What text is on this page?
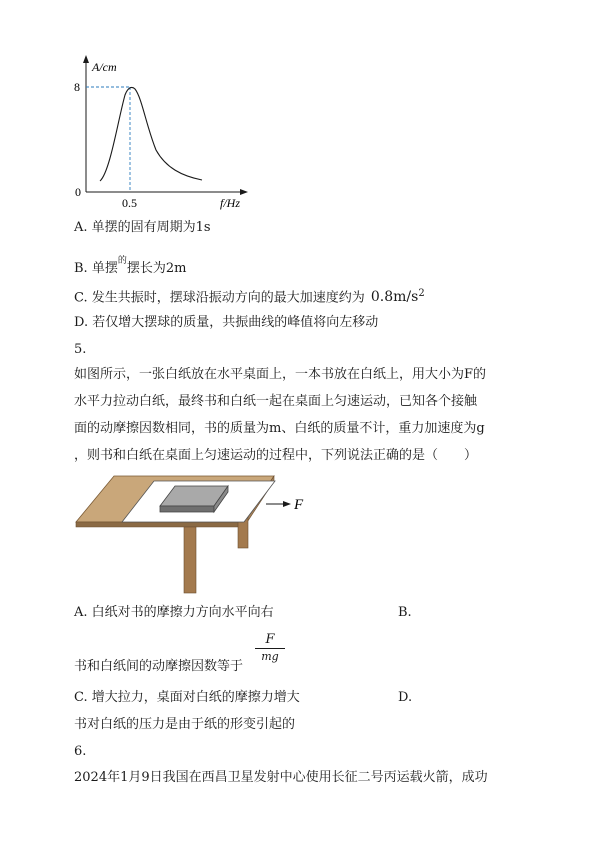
A/cm
8
0
0.5	f/Hz
A. 单摆的固有周期为1s
B. 单摆$^的$摆长为2m
C. 发生共振时，摆球沿振动方向的最大加速度约为 $0.8m/s^2$
D. 若仅增大摆球的质量，共振曲线的峰值将向左移动
5.
如图所示，一张白纸放在水平桌面上，一本书放在白纸上，用大小为F的
水平力拉动白纸，最终书和白纸一起在桌面上匀速运动，已知各个接触
面的动摩擦因数相同，书的质量为m、白纸的质量不计，重力加速度为g
，则书和白纸在桌面上匀速运动的过程中，下列说法正确的是（　　）
F
A. 白纸对书的摩擦力方向水平向右	B.
书和白纸间的动摩擦因数等于
F
mg
C. 增大拉力，桌面对白纸的摩擦力增大	D.
书对白纸的压力是由于纸的形变引起的
6.
2024年1月9日我国在西昌卫星发射中心使用长征二号丙运载火箭，成功
